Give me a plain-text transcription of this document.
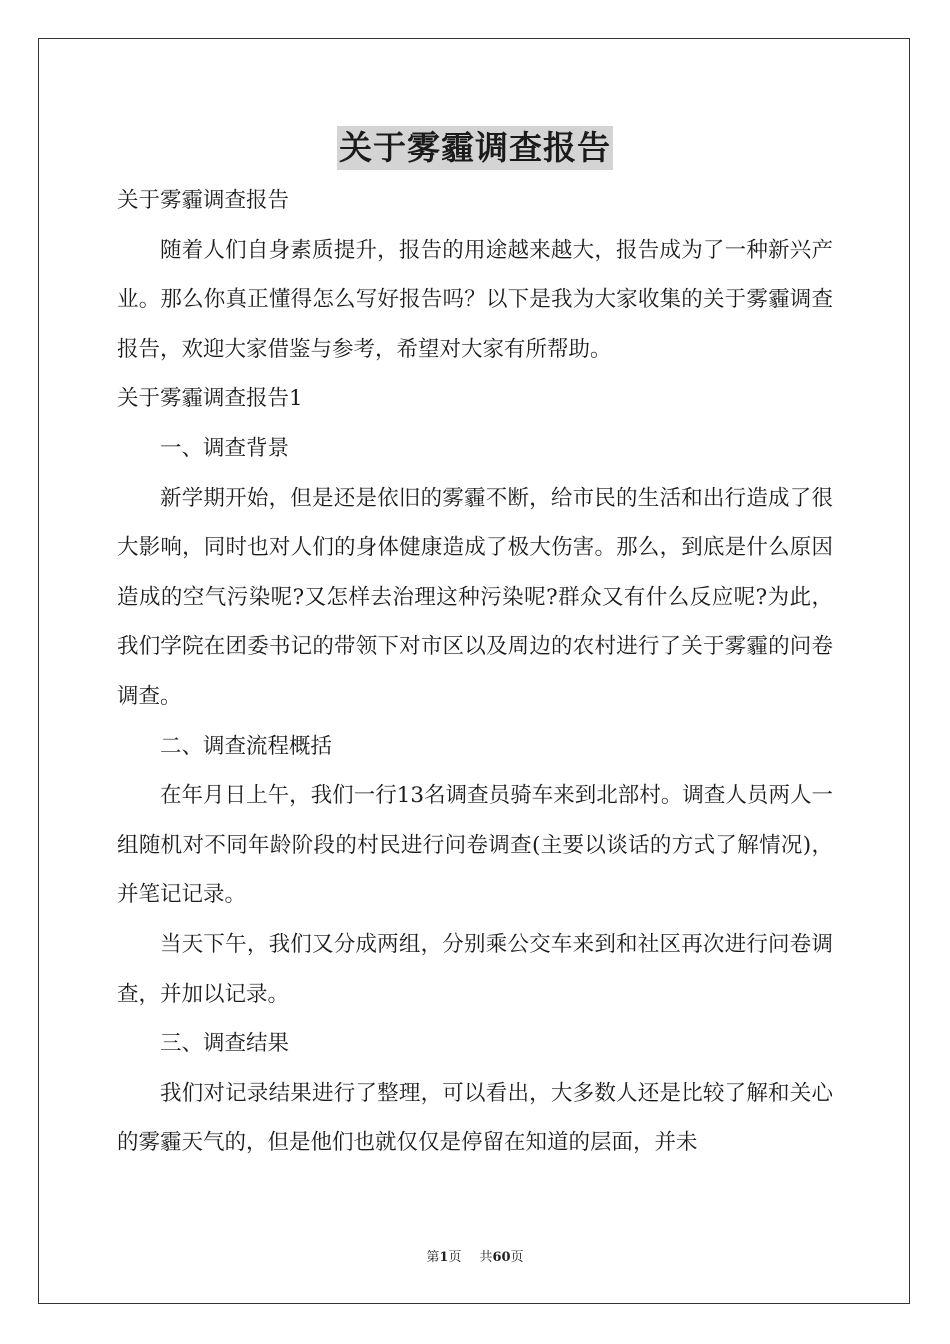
关于雾霾调查报告

关于雾霾调查报告

随着人们自身素质提升，报告的用途越来越大，报告成为了一种新兴产业。那么你真正懂得怎么写好报告吗？以下是我为大家收集的关于雾霾调查报告，欢迎大家借鉴与参考，希望对大家有所帮助。

关于雾霾调查报告1

一、调查背景

新学期开始，但是还是依旧的雾霾不断，给市民的生活和出行造成了很大影响，同时也对人们的身体健康造成了极大伤害。那么，到底是什么原因造成的空气污染呢?又怎样去治理这种污染呢?群众又有什么反应呢?为此，我们学院在团委书记的带领下对市区以及周边的农村进行了关于雾霾的问卷调查。

二、调查流程概括

在年月日上午，我们一行13名调查员骑车来到北部村。调查人员两人一组随机对不同年龄阶段的村民进行问卷调查(主要以谈话的方式了解情况)，并笔记记录。

当天下午，我们又分成两组，分别乘公交车来到和社区再次进行问卷调查，并加以记录。

三、调查结果

我们对记录结果进行了整理，可以看出，大多数人还是比较了解和关心的雾霾天气的，但是他们也就仅仅是停留在知道的层面，并未

第1页 共60页
